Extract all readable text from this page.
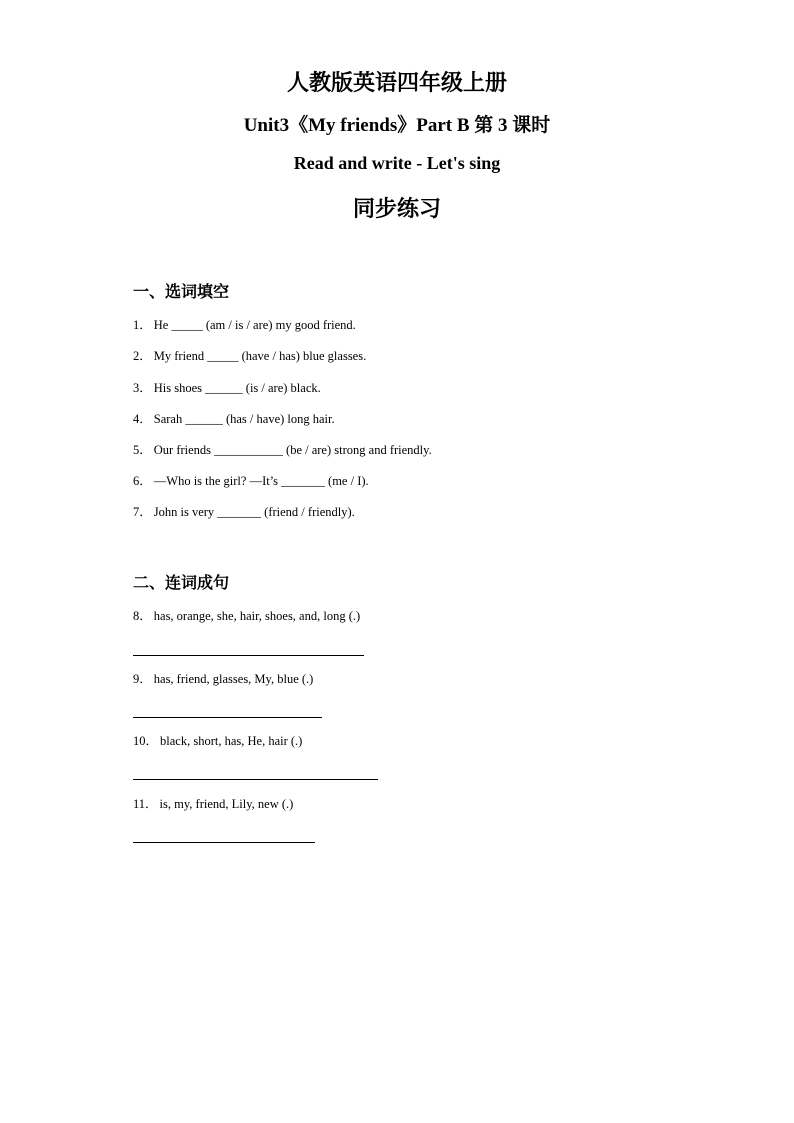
人教版英语四年级上册
Unit3《My friends》Part B 第 3 课时
Read and write - Let's sing
同步练习
一、选词填空
1． He _____ (am / is / are) my good friend.
2． My friend _____ (have / has) blue glasses.
3． His shoes ______ (is / are) black.
4． Sarah ______ (has / have) long hair.
5． Our friends ___________ (be / are) strong and friendly.
6． —Who is the girl? —It’s _______ (me / I).
7． John is very _______ (friend / friendly).
二、连词成句
8． has, orange, she, hair, shoes, and, long (.)
9． has, friend, glasses, My, blue (.)
10． black, short, has, He, hair (.)
11． is, my, friend, Lily, new (.)
